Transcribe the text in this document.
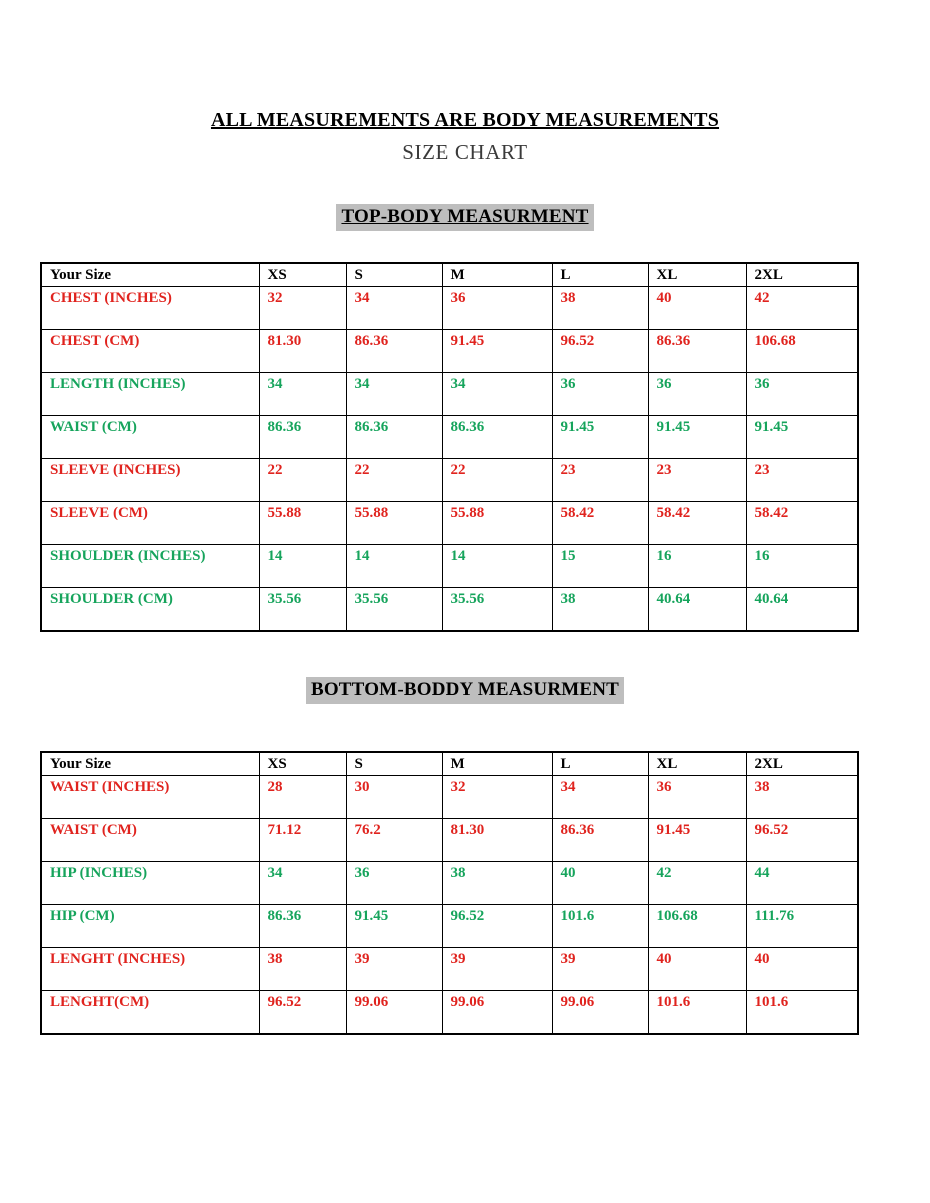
ALL MEASUREMENTS ARE BODY MEASUREMENTS
SIZE CHART
TOP-BODY MEASURMENT
Your Size	XS	S	M	L	XL	2XL
CHEST (INCHES)	32	34	36	38	40	42
CHEST (CM)	81.30	86.36	91.45	96.52	86.36	106.68
LENGTH (INCHES)	34	34	34	36	36	36
WAIST (CM)	86.36	86.36	86.36	91.45	91.45	91.45
SLEEVE (INCHES)	22	22	22	23	23	23
SLEEVE (CM)	55.88	55.88	55.88	58.42	58.42	58.42
SHOULDER (INCHES)	14	14	14	15	16	16
SHOULDER (CM)	35.56	35.56	35.56	38	40.64	40.64
BOTTOM-BODDY MEASURMENT
Your Size	XS	S	M	L	XL	2XL
WAIST (INCHES)	28	30	32	34	36	38
WAIST (CM)	71.12	76.2	81.30	86.36	91.45	96.52
HIP (INCHES)	34	36	38	40	42	44
HIP (CM)	86.36	91.45	96.52	101.6	106.68	111.76
LENGHT (INCHES)	38	39	39	39	40	40
LENGHT(CM)	96.52	99.06	99.06	99.06	101.6	101.6
